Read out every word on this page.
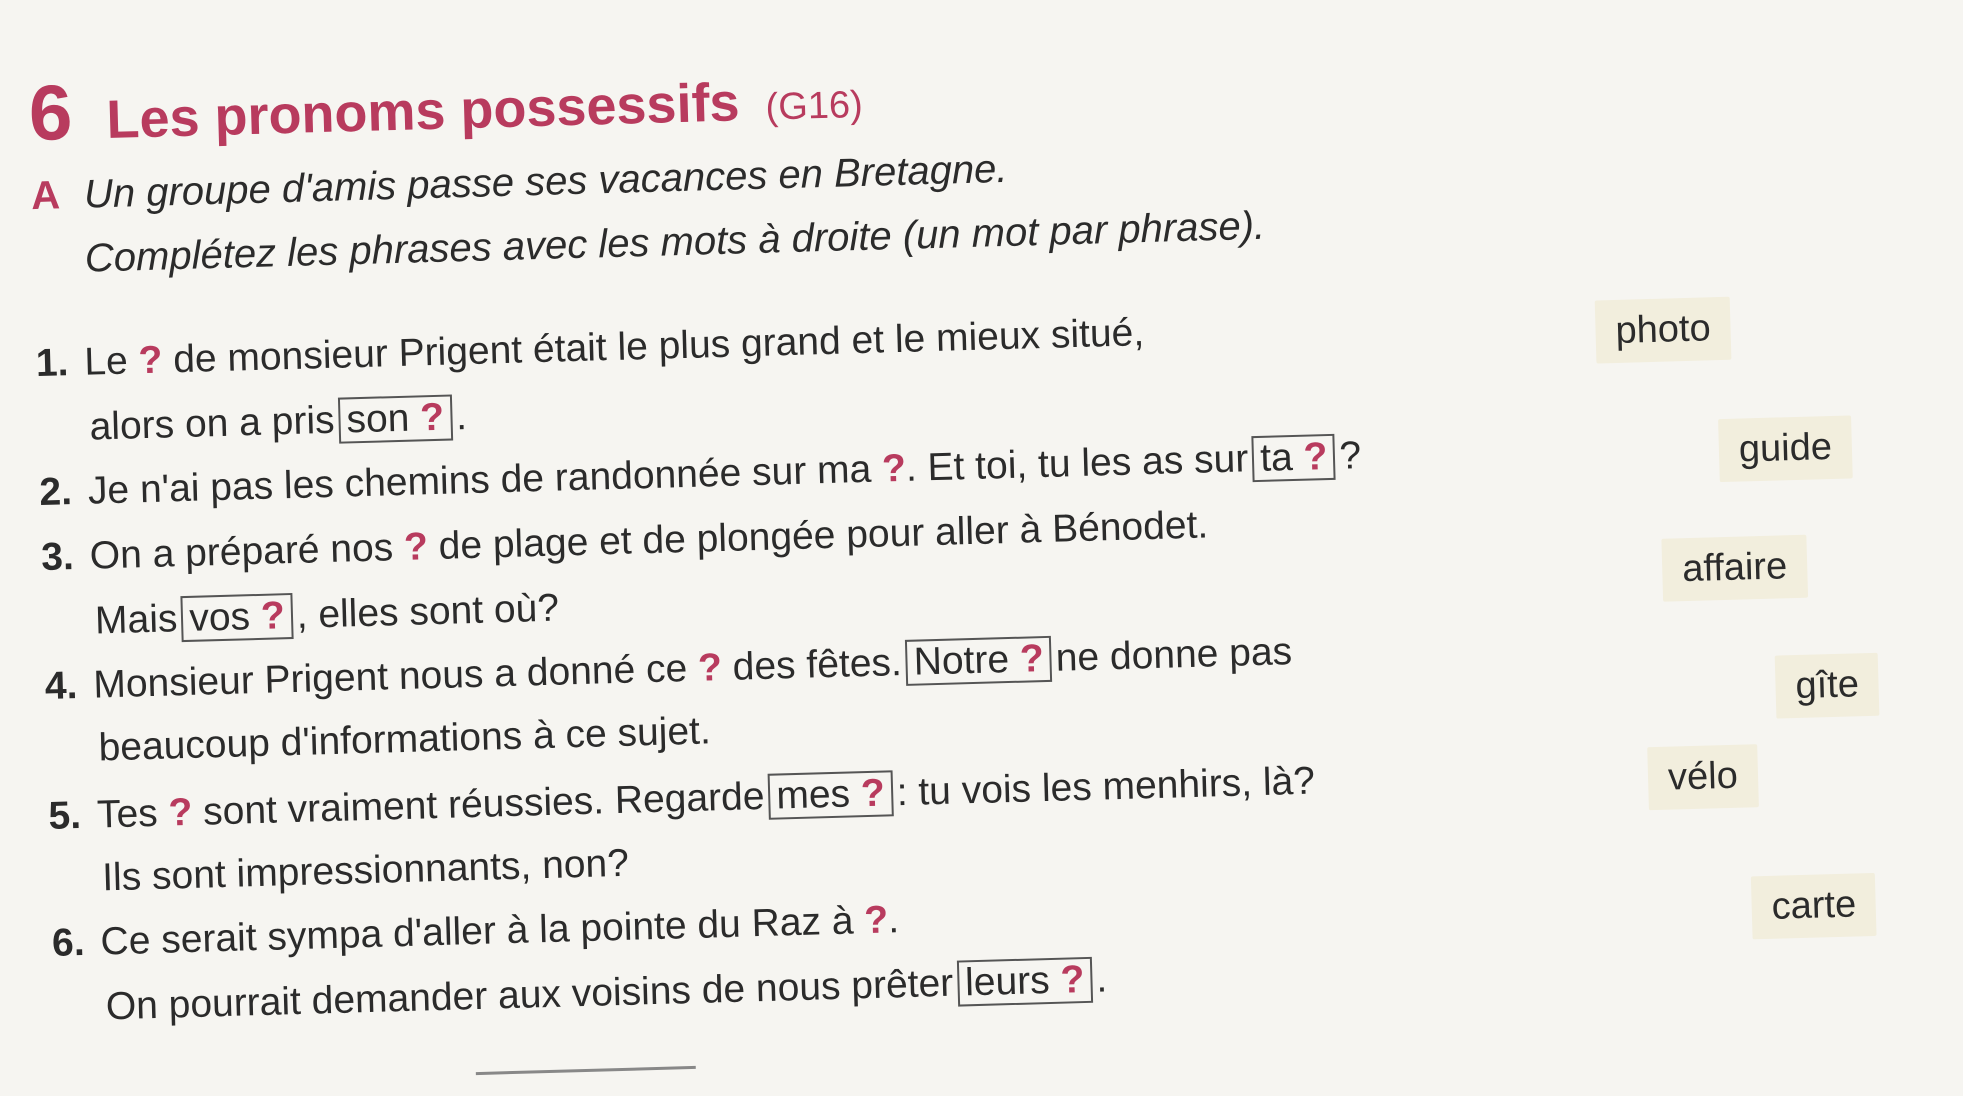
6 Les pronoms possessifs (G16)
A Un groupe d'amis passe ses vacances en Bretagne.
Complétez les phrases avec les mots à droite (un mot par phrase).
1. Le ? de monsieur Prigent était le plus grand et le mieux situé,
alors on a pris son ? .
2. Je n'ai pas les chemins de randonnée sur ma ?. Et toi, tu les as sur ta ? ?
3. On a préparé nos ? de plage et de plongée pour aller à Bénodet.
Mais vos ? , elles sont où?
4. Monsieur Prigent nous a donné ce ? des fêtes. Notre ? ne donne pas
beaucoup d'informations à ce sujet.
5. Tes ? sont vraiment réussies. Regarde mes ? : tu vois les menhirs, là?
Ils sont impressionnants, non?
6. Ce serait sympa d'aller à la pointe du Raz à ?.
On pourrait demander aux voisins de nous prêter leurs ? .
photo
guide
affaire
gîte
vélo
carte
